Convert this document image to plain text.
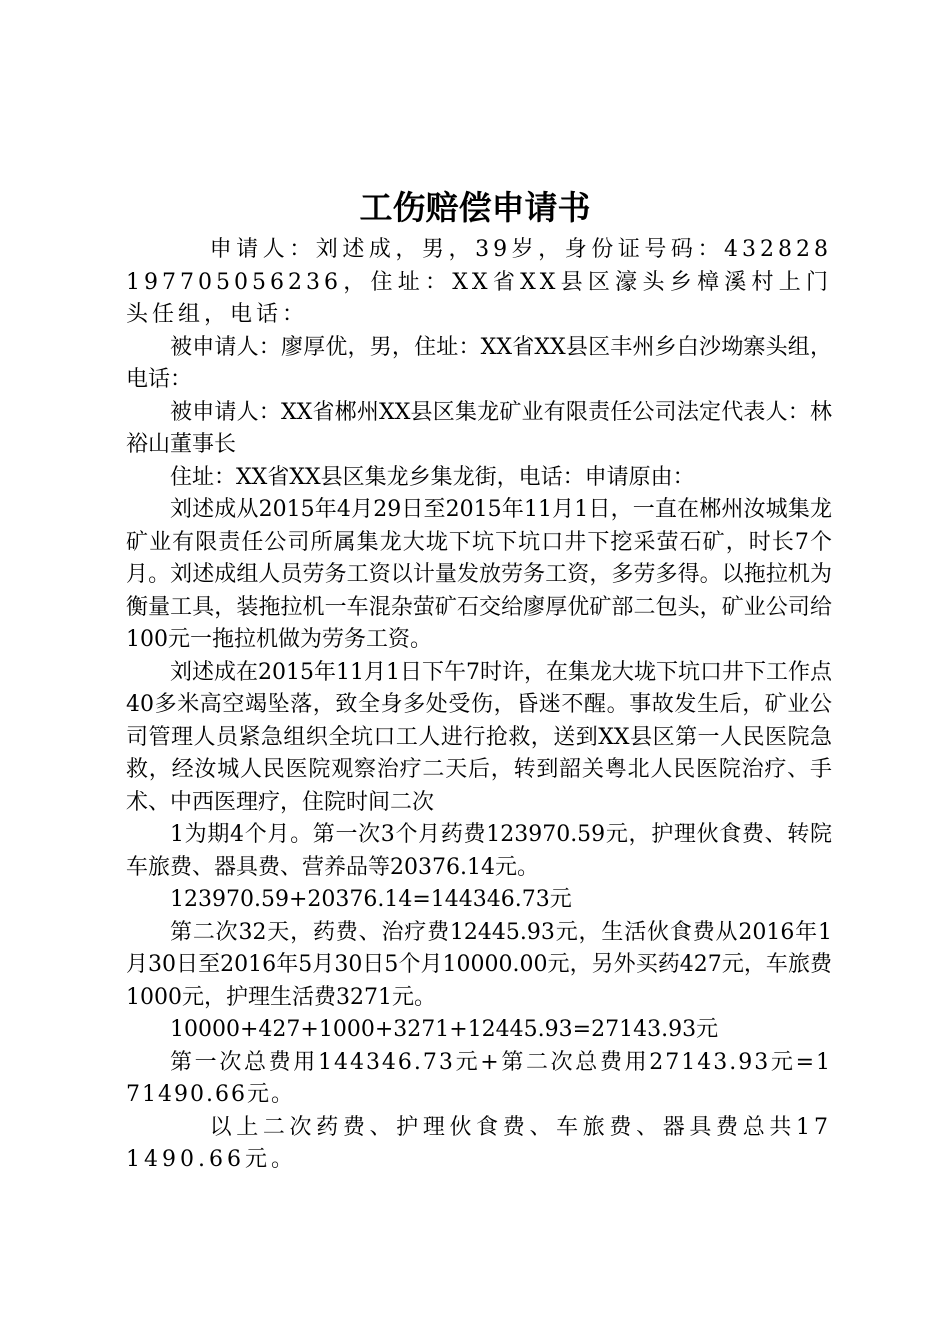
工伤赔偿申请书

申请人：刘述成，男，39岁，身份证号码：432828197705056236，住址：XX省XX县区濠头乡樟溪村上门头任组，电话：

被申请人：廖厚优，男，住址：XX省XX县区丰州乡白沙坳寨头组，电话：

被申请人：XX省郴州XX县区集龙矿业有限责任公司法定代表人：林裕山董事长

住址：XX省XX县区集龙乡集龙街，电话：申请原由：

刘述成从2015年4月29日至2015年11月1日，一直在郴州汝城集龙矿业有限责任公司所属集龙大垅下坑下坑口井下挖采萤石矿，时长7个月。刘述成组人员劳务工资以计量发放劳务工资，多劳多得。以拖拉机为衡量工具，装拖拉机一车混杂萤矿石交给廖厚优矿部二包头，矿业公司给100元一拖拉机做为劳务工资。

刘述成在2015年11月1日下午7时许，在集龙大垅下坑口井下工作点40多米高空竭坠落，致全身多处受伤，昏迷不醒。事故发生后，矿业公司管理人员紧急组织全坑口工人进行抢救，送到XX县区第一人民医院急救，经汝城人民医院观察治疗二天后，转到韶关粤北人民医院治疗、手术、中西医理疗，住院时间二次

1为期4个月。第一次3个月药费123970.59元，护理伙食费、转院车旅费、器具费、营养品等20376.14元。

123970.59+20376.14=144346.73元

第二次32天，药费、治疗费12445.93元，生活伙食费从2016年1月30日至2016年5月30日5个月10000.00元，另外买药427元，车旅费1000元，护理生活费3271元。

10000+427+1000+3271+12445.93=27143.93元

第一次总费用144346.73元+第二次总费用27143.93元=171490.66元。

以上二次药费、护理伙食费、车旅费、器具费总共171490.66元。
